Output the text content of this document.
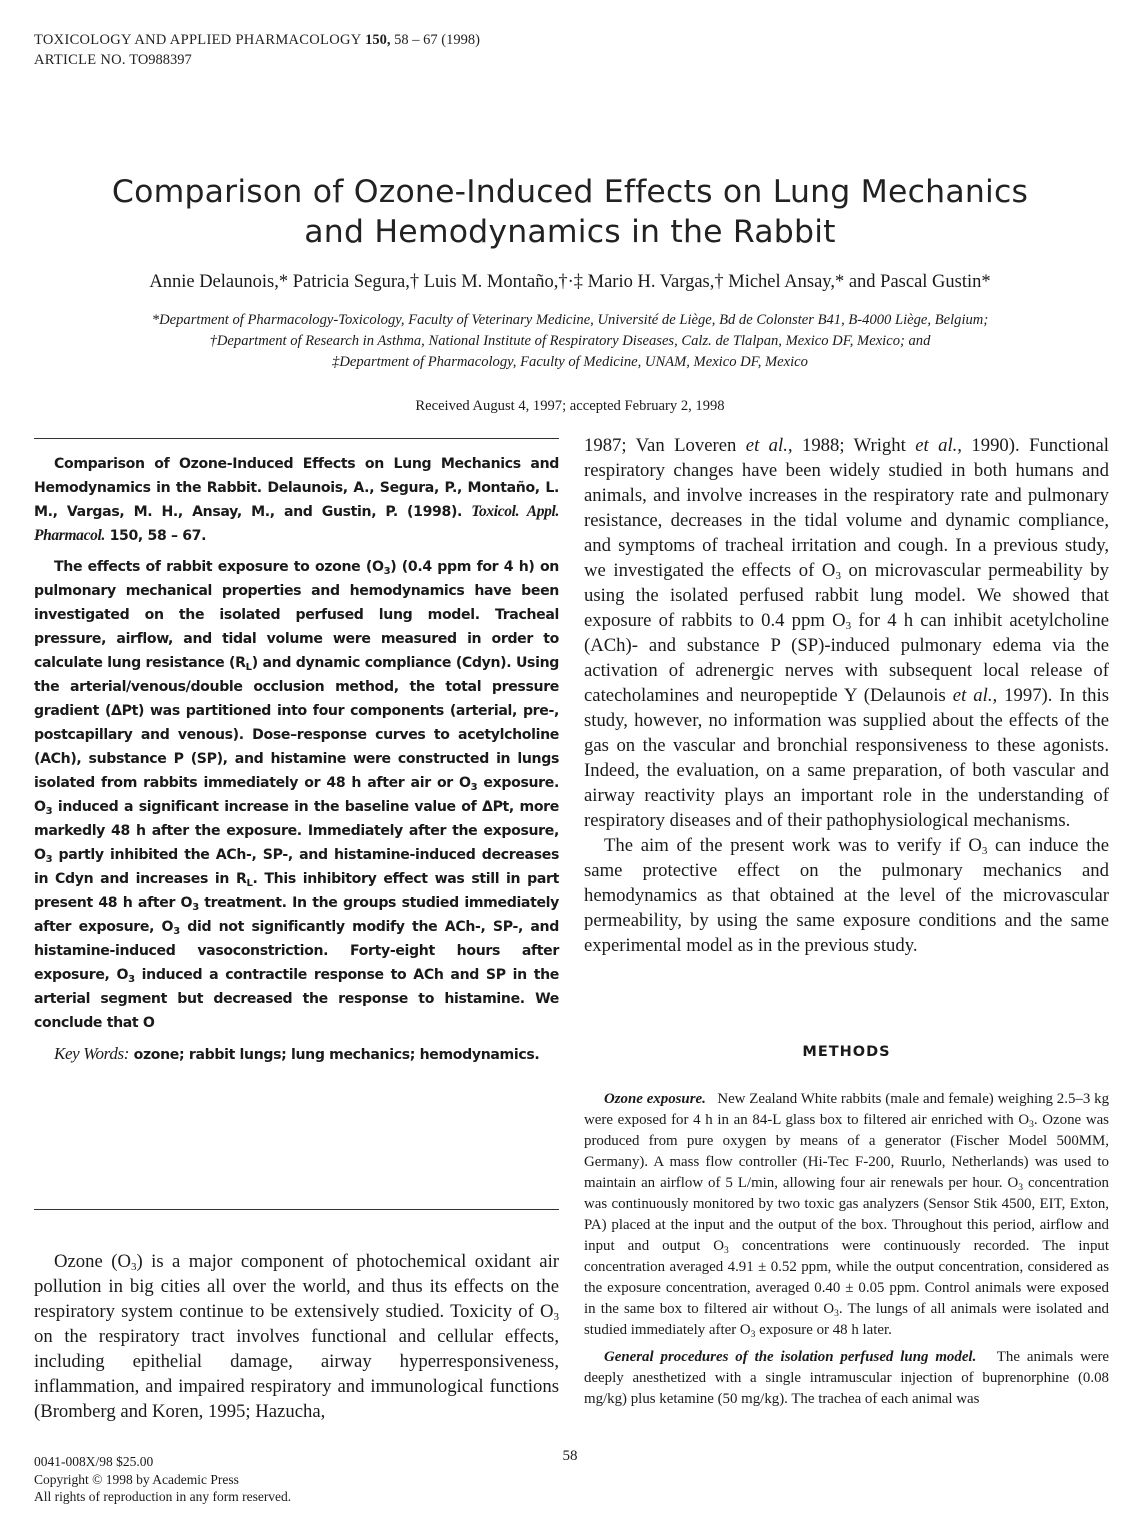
TOXICOLOGY AND APPLIED PHARMACOLOGY 150, 58 – 67 (1998)
ARTICLE NO. TO988397
Comparison of Ozone-Induced Effects on Lung Mechanics
and Hemodynamics in the Rabbit
Annie Delaunois,* Patricia Segura,† Luis M. Montaño,†·‡ Mario H. Vargas,† Michel Ansay,* and Pascal Gustin*
*Department of Pharmacology-Toxicology, Faculty of Veterinary Medicine, Université de Liège, Bd de Colonster B41, B-4000 Liège, Belgium;
†Department of Research in Asthma, National Institute of Respiratory Diseases, Calz. de Tlalpan, Mexico DF, Mexico; and
‡Department of Pharmacology, Faculty of Medicine, UNAM, Mexico DF, Mexico
Received August 4, 1997; accepted February 2, 1998

Comparison of Ozone-Induced Effects on Lung Mechanics and Hemodynamics in the Rabbit. Delaunois, A., Segura, P., Montaño, L. M., Vargas, M. H., Ansay, M., and Gustin, P. (1998). Toxicol. Appl. Pharmacol. 150, 58 – 67.

The effects of rabbit exposure to ozone $(O_3)$ (0.4 ppm for 4 h) on pulmonary mechanical properties and hemodynamics have been investigated on the isolated perfused lung model. Tracheal pressure, airflow, and tidal volume were measured in order to calculate lung resistance $(R_L)$ and dynamic compliance (Cdyn). Using the arterial/venous/double occlusion method, the total pressure gradient (ΔPt) was partitioned into four components (arterial, pre-, postcapillary and venous). Dose–response curves to acetylcholine (ACh), substance P (SP), and histamine were constructed in lungs isolated from rabbits immediately or 48 h after air or $O_3$ exposure. $O_3$ induced a significant increase in the baseline value of ΔPt, more markedly 48 h after the exposure. Immediately after the exposure, $O_3$ partly inhibited the ACh-, SP-, and histamine-induced decreases in Cdyn and increases in $R_L$. This inhibitory effect was still in part present 48 h after $O_3$ treatment. In the groups studied immediately after exposure, $O_3$ did not significantly modify the ACh-, SP-, and histamine-induced vasoconstriction. Forty-eight hours after exposure, $O_3$ induced a contractile response to ACh and SP in the arterial segment but decreased the response to histamine. We conclude that O

Key Words: ozone; rabbit lungs; lung mechanics; hemodynamics.

Ozone $(O_3)$ is a major component of photochemical oxidant air pollution in big cities all over the world, and thus its effects on the respiratory system continue to be extensively studied. Toxicity of $O_3$ on the respiratory tract involves functional and cellular effects, including epithelial damage, airway hyperresponsiveness, inflammation, and impaired respiratory and immunological functions (Bromberg and Koren, 1995; Hazucha,

1987; Van Loveren et al., 1988; Wright et al., 1990). Functional respiratory changes have been widely studied in both humans and animals, and involve increases in the respiratory rate and pulmonary resistance, decreases in the tidal volume and dynamic compliance, and symptoms of tracheal irritation and cough. In a previous study, we investigated the effects of $O_3$ on microvascular permeability by using the isolated perfused rabbit lung model. We showed that exposure of rabbits to 0.4 ppm $O_3$ for 4 h can inhibit acetylcholine (ACh)- and substance P (SP)-induced pulmonary edema via the activation of adrenergic nerves with subsequent local release of catecholamines and neuropeptide Y (Delaunois et al., 1997). In this study, however, no information was supplied about the effects of the gas on the vascular and bronchial responsiveness to these agonists. Indeed, the evaluation, on a same preparation, of both vascular and airway reactivity plays an important role in the understanding of respiratory diseases and of their pathophysiological mechanisms.

The aim of the present work was to verify if $O_3$ can induce the same protective effect on the pulmonary mechanics and hemodynamics as that obtained at the level of the microvascular permeability, by using the same exposure conditions and the same experimental model as in the previous study.

METHODS

Ozone exposure. New Zealand White rabbits (male and female) weighing 2.5–3 kg were exposed for 4 h in an 84-L glass box to filtered air enriched with $O_3$. Ozone was produced from pure oxygen by means of a generator (Fischer Model 500MM, Germany). A mass flow controller (Hi-Tec F-200, Ruurlo, Netherlands) was used to maintain an airflow of 5 L/min, allowing four air renewals per hour. $O_3$ concentration was continuously monitored by two toxic gas analyzers (Sensor Stik 4500, EIT, Exton, PA) placed at the input and the output of the box. Throughout this period, airflow and input and output $O_3$ concentrations were continuously recorded. The input concentration averaged 4.91 ± 0.52 ppm, while the output concentration, considered as the exposure concentration, averaged 0.40 ± 0.05 ppm. Control animals were exposed in the same box to filtered air without $O_3$. The lungs of all animals were isolated and studied immediately after $O_3$ exposure or 48 h later.

General procedures of the isolation perfused lung model. The animals were deeply anesthetized with a single intramuscular injection of buprenorphine (0.08 mg/kg) plus ketamine (50 mg/kg). The trachea of each animal was

58
0041-008X/98 $25.00
Copyright © 1998 by Academic Press
All rights of reproduction in any form reserved.
